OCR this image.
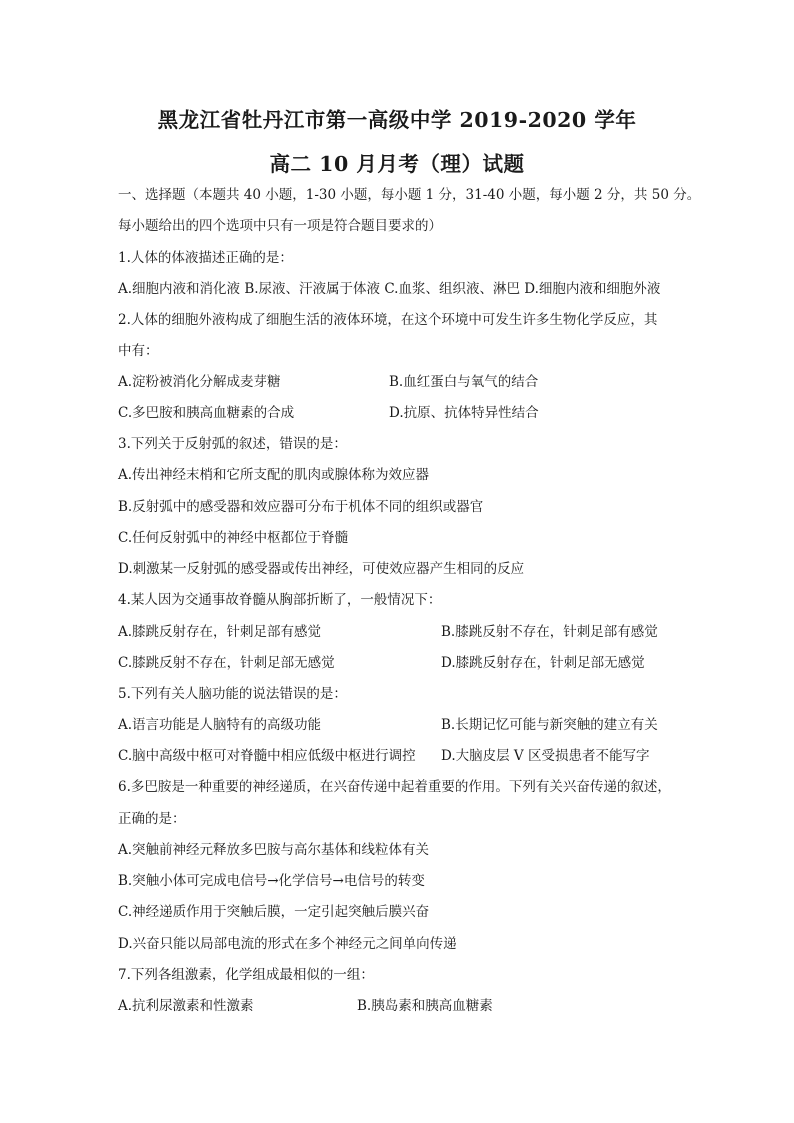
黑龙江省牡丹江市第一高级中学 2019-2020 学年
高二 10 月月考（理）试题
一、选择题（本题共 40 小题，1-30 小题，每小题 1 分，31-40 小题，每小题 2 分，共 50 分。
每小题给出的四个选项中只有一项是符合题目要求的）
1.人体的体液描述正确的是：
A.细胞内液和消化液 B.尿液、汗液属于体液 C.血浆、组织液、淋巴 D.细胞内液和细胞外液
2.人体的细胞外液构成了细胞生活的液体环境，在这个环境中可发生许多生物化学反应，其
中有：
A.淀粉被消化分解成麦芽糖	B.血红蛋白与氧气的结合
C.多巴胺和胰高血糖素的合成	D.抗原、抗体特异性结合
3.下列关于反射弧的叙述，错误的是：
A.传出神经末梢和它所支配的肌肉或腺体称为效应器
B.反射弧中的感受器和效应器可分布于机体不同的组织或器官
C.任何反射弧中的神经中枢都位于脊髓
D.刺激某一反射弧的感受器或传出神经，可使效应器产生相同的反应
4.某人因为交通事故脊髓从胸部折断了，一般情况下：
A.膝跳反射存在，针刺足部有感觉	B.膝跳反射不存在，针刺足部有感觉
C.膝跳反射不存在，针刺足部无感觉	D.膝跳反射存在，针刺足部无感觉
5.下列有关人脑功能的说法错误的是：
A.语言功能是人脑特有的高级功能	B.长期记忆可能与新突触的建立有关
C.脑中高级中枢可对脊髓中相应低级中枢进行调控 D.大脑皮层 V 区受损患者不能写字
6.多巴胺是一种重要的神经递质，在兴奋传递中起着重要的作用。下列有关兴奋传递的叙述，
正确的是：
A.突触前神经元释放多巴胺与高尔基体和线粒体有关
B.突触小体可完成电信号→化学信号→电信号的转变
C.神经递质作用于突触后膜，一定引起突触后膜兴奋
D.兴奋只能以局部电流的形式在多个神经元之间单向传递
7.下列各组激素，化学组成最相似的一组：
A.抗利尿激素和性激素	B.胰岛素和胰高血糖素
